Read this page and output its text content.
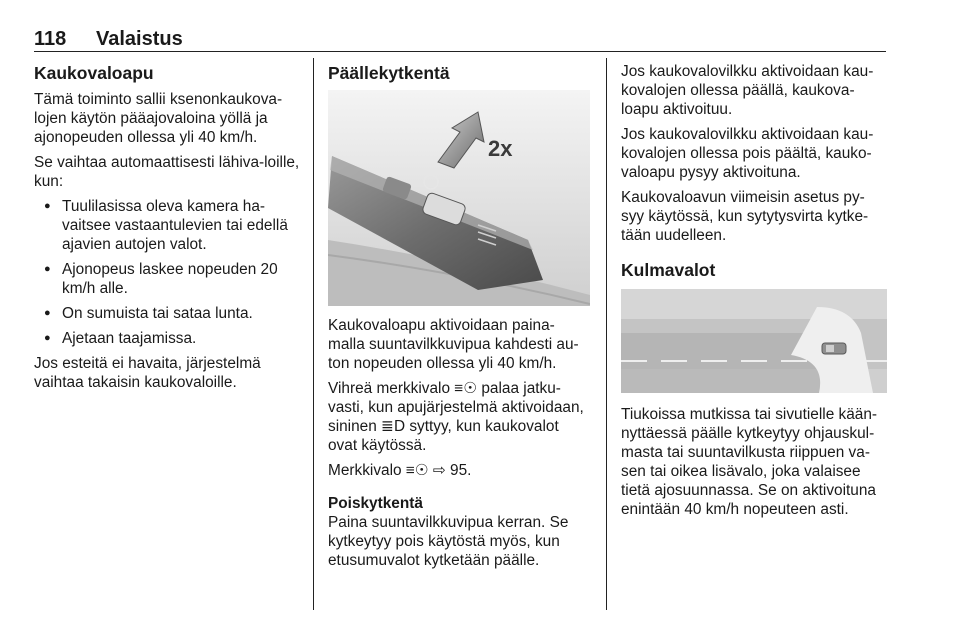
118 Valaistus
Kaukovaloapu

Tämä toiminto sallii ksenonkaukova-lojen käytön pääajovaloina yöllä ja ajonopeuden ollessa yli 40 km/h.

Se vaihtaa automaattisesti lähiva-loille, kun:

● Tuulilasissa oleva kamera ha-vaitsee vastaantulevien tai edellä ajavien autojen valot.
● Ajonopeus laskee nopeuden 20 km/h alle.
● On sumuista tai sataa lunta.
● Ajetaan taajamissa.

Jos esteitä ei havaita, järjestelmä vaihtaa takaisin kaukovaloille.

Päällekytkentä
2x

Kaukovaloapu aktivoidaan paina-malla suuntavilkkuvipua kahdesti au-ton nopeuden ollessa yli 40 km/h.

Vihreä merkkivalo ≡☉ palaa jatku-vasti, kun apujärjestelmä aktivoidaan, sininen ≣D syttyy, kun kaukovalot ovat käytössä.

Merkkivalo ≡☉ ⇨ 95.

Poiskytkentä

Paina suuntavilkkuvipua kerran. Se kytkeytyy pois käytöstä myös, kun etusumuvalot kytketään päälle.

Jos kaukovalovilkku aktivoidaan kau-kovalojen ollessa päällä, kaukova-loapu aktivoituu.

Jos kaukovalovilkku aktivoidaan kau-kovalojen ollessa pois päältä, kauko-valoapu pysyy aktivoituna.

Kaukovaloavun viimeisin asetus py-syy käytössä, kun sytytysvirta kytke-tään uudelleen.

Kulmavalot

Tiukoissa mutkissa tai sivutielle kään-nyttäessä päälle kytkeytyy ohjauskul-masta tai suuntavilkusta riippuen va-sen tai oikea lisävalo, joka valaisee tietä ajosuunnassa. Se on aktivoituna enintään 40 km/h nopeuteen asti.
